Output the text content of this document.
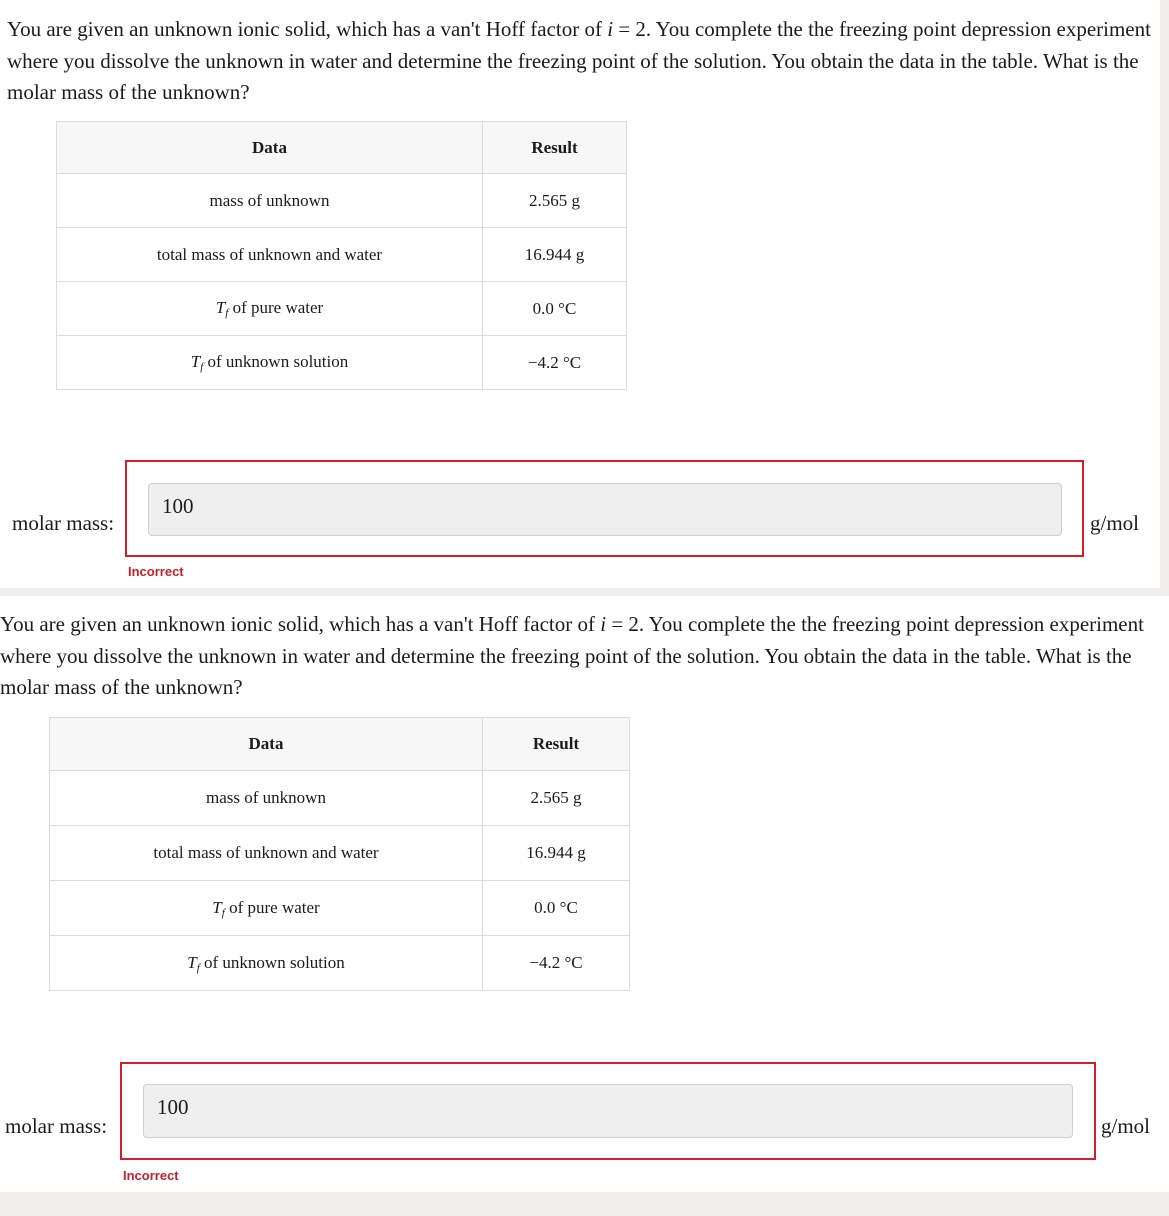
You are given an unknown ionic solid, which has a van't Hoff factor of i = 2. You complete the the freezing point depression experiment where you dissolve the unknown in water and determine the freezing point of the solution. You obtain the data in the table. What is the molar mass of the unknown?

Data	Result
mass of unknown	2.565 g
total mass of unknown and water	16.944 g
$T_f$ of pure water	0.0 °C
$T_f$ of unknown solution	−4.2 °C
molar mass:
100
g/mol
Incorrect

You are given an unknown ionic solid, which has a van't Hoff factor of i = 2. You complete the the freezing point depression experiment where you dissolve the unknown in water and determine the freezing point of the solution. You obtain the data in the table. What is the molar mass of the unknown?

Data	Result
mass of unknown	2.565 g
total mass of unknown and water	16.944 g
$T_f$ of pure water	0.0 °C
$T_f$ of unknown solution	−4.2 °C
molar mass:
100
g/mol
Incorrect
